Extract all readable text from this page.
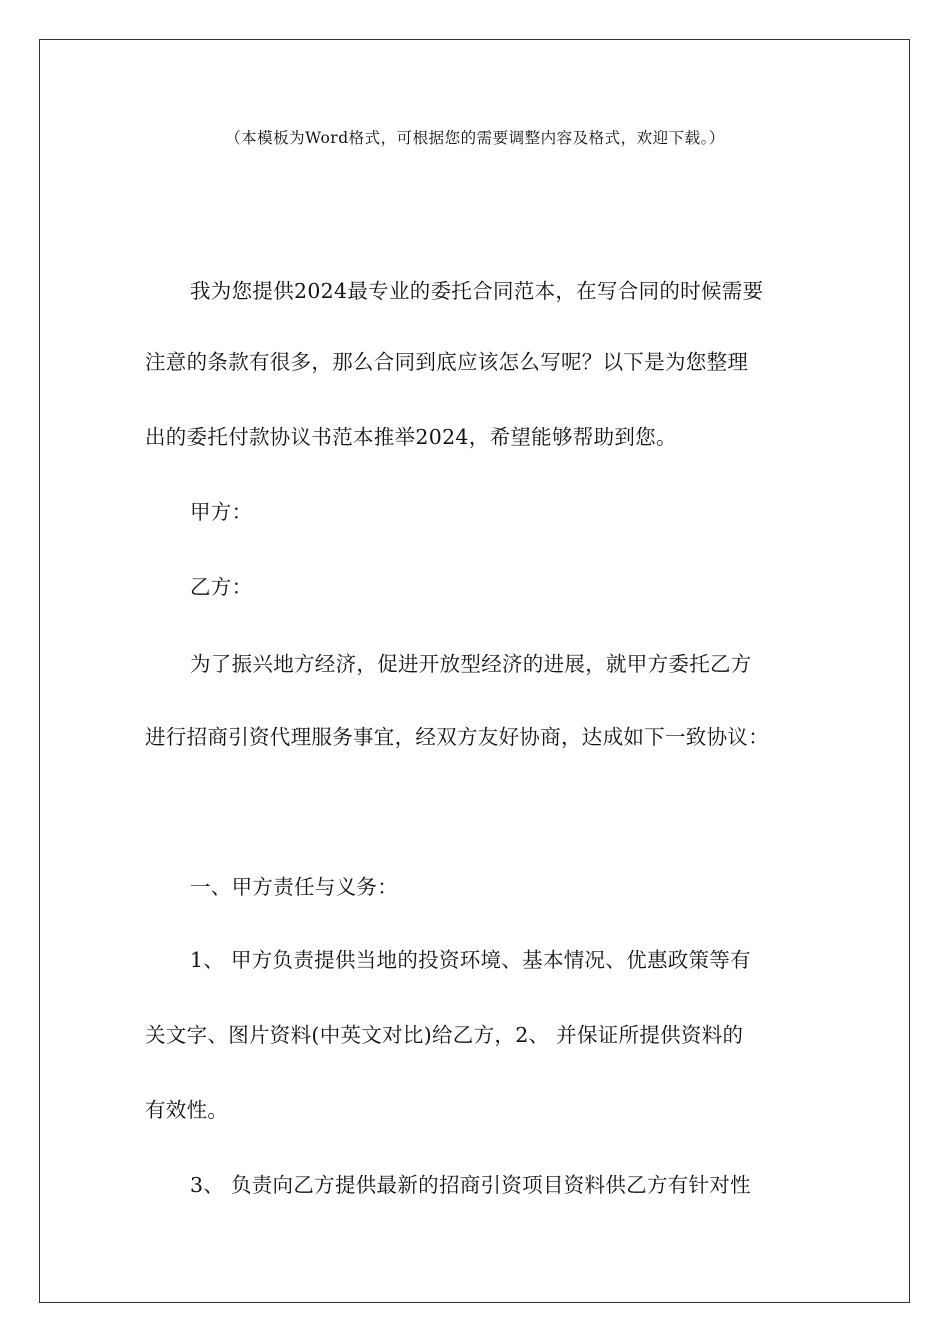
（本模板为Word格式，可根据您的需要调整内容及格式，欢迎下载。）
我为您提供2024最专业的委托合同范本，在写合同的时候需要
注意的条款有很多，那么合同到底应该怎么写呢？以下是为您整理
出的委托付款协议书范本推举2024，希望能够帮助到您。
甲方：
乙方：
为了振兴地方经济，促进开放型经济的进展，就甲方委托乙方
进行招商引资代理服务事宜，经双方友好协商，达成如下一致协议：
一、甲方责任与义务：
1、 甲方负责提供当地的投资环境、基本情况、优惠政策等有
关文字、图片资料(中英文对比)给乙方，2、 并保证所提供资料的
有效性。
3、 负责向乙方提供最新的招商引资项目资料供乙方有针对性
